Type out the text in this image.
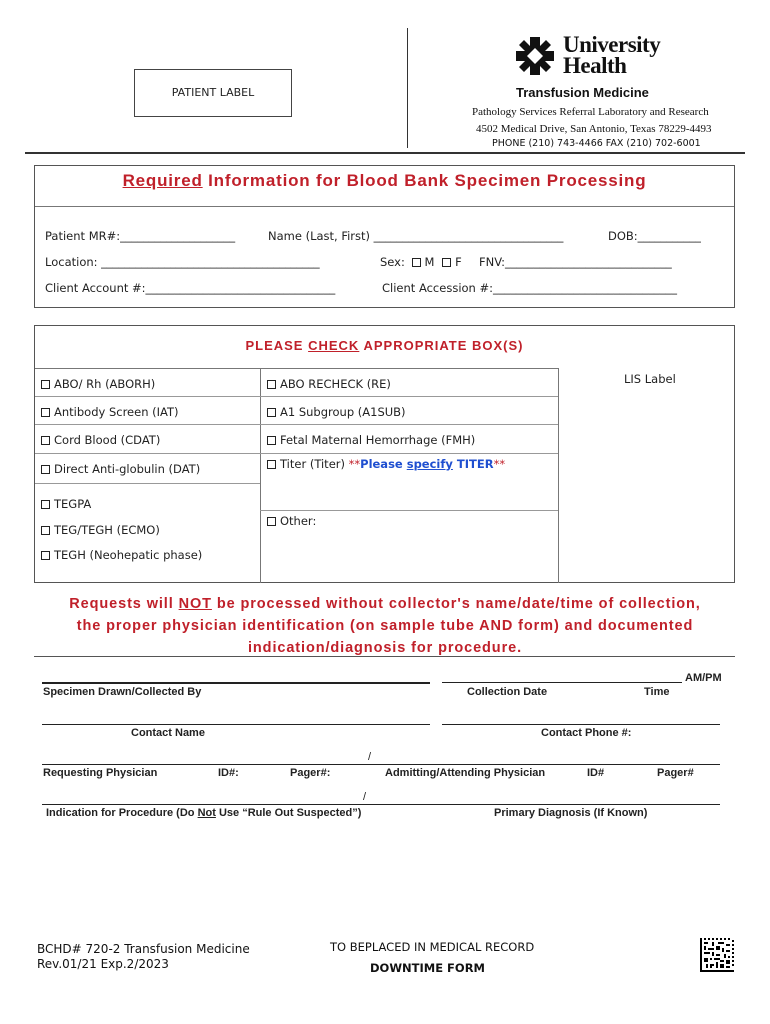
PATIENT LABEL
University
Health
Transfusion Medicine
Pathology Services Referral Laboratory and Research
4502 Medical Drive, San Antonio, Texas 78229-4493
PHONE (210) 743-4466 FAX (210) 702-6001
Required Information for Blood Bank Specimen Processing
Patient MR#:____________________	Name (Last, First) _________________________________	DOB:___________
Location: ______________________________________	Sex: M F FNV:_____________________________
Client Account #:_________________________________	Client Accession #:________________________________
PLEASE CHECK APPROPRIATE BOX(S)
LIS Label
ABO/ Rh (ABORH)
Antibody Screen (IAT)
Cord Blood (CDAT)
Direct Anti-globulin (DAT)
TEGPA
TEG/TEGH (ECMO)
TEGH (Neohepatic phase)
ABO RECHECK (RE)
A1 Subgroup (A1SUB)
Fetal Maternal Hemorrhage (FMH)
Titer (Titer) **Please specify TITER**
Other:
Requests will NOT be processed without collector's name/date/time of collection,
the proper physician identification (on sample tube AND form) and documented
indication/diagnosis for procedure.
AM/PM
Specimen Drawn/Collected By	Collection Date	Time
Contact Name	Contact Phone #:
/
Requesting Physician	ID#:	Pager#:	Admitting/Attending Physician	ID#	Pager#
/
Indication for Procedure (Do Not Use “Rule Out Suspected”)	Primary Diagnosis (If Known)
BCHD# 720-2 Transfusion Medicine
Rev.01/21 Exp.2/2023
TO BEPLACED IN MEDICAL RECORD
DOWNTIME FORM
